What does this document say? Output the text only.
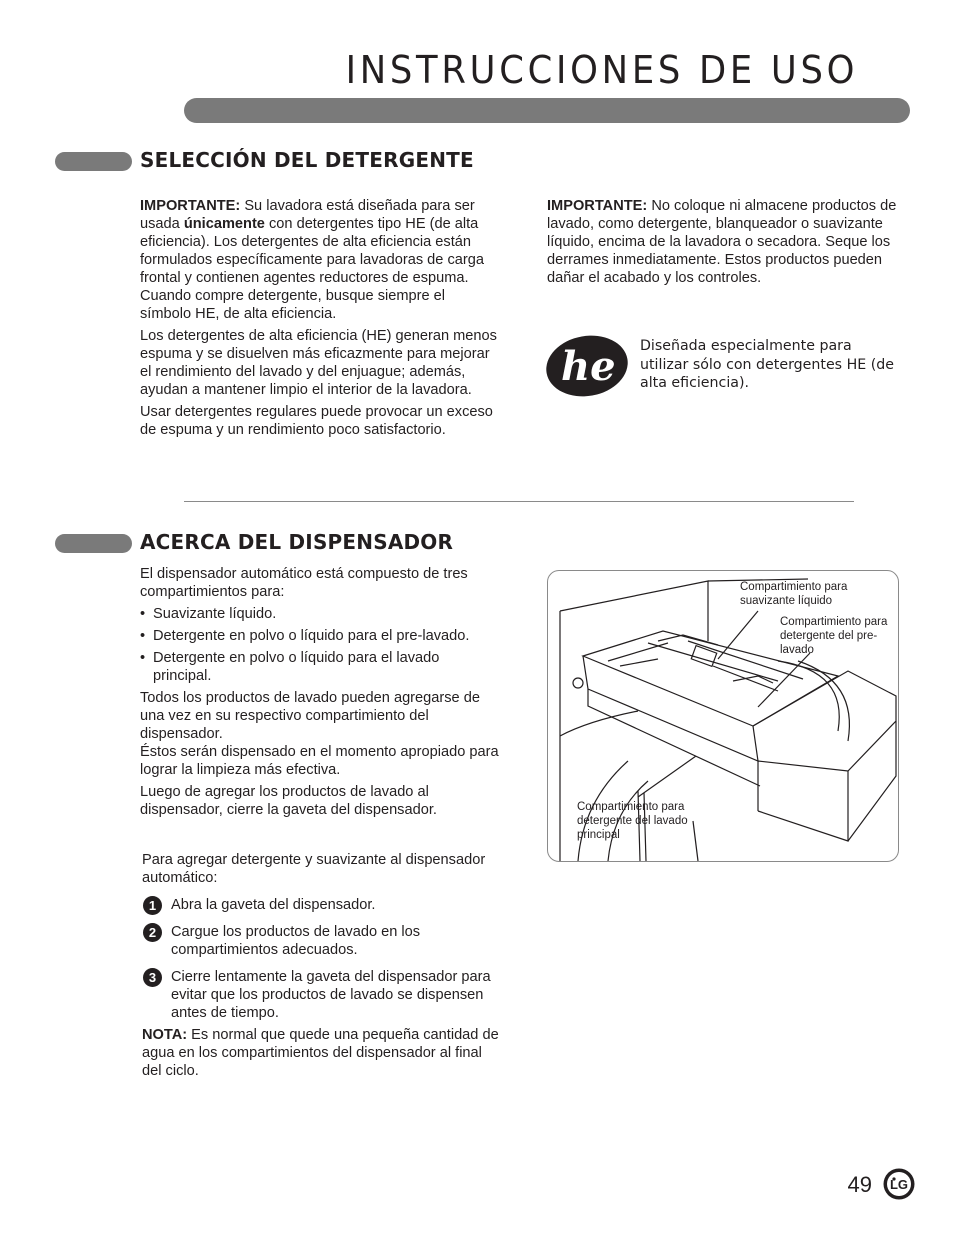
INSTRUCCIONES DE USO
SELECCIÓN DEL DETERGENTE

IMPORTANTE: Su lavadora está diseñada para ser usada únicamente con detergentes tipo HE (de alta eficiencia). Los detergentes de alta eficiencia están formulados específicamente para lavadoras de carga frontal y contienen agentes reductores de espuma. Cuando compre detergente, busque siempre el símbolo HE, de alta eficiencia.

Los detergentes de alta eficiencia (HE) generan menos espuma y se disuelven más eficazmente para mejorar el rendimiento del lavado y del enjuague; además, ayudan a mantener limpio el interior de la lavadora.

Usar detergentes regulares puede provocar un exceso de espuma y un rendimiento poco satisfactorio.

IMPORTANTE: No coloque ni almacene productos de lavado, como detergente, blanqueador o suavizante líquido, encima de la lavadora o secadora. Seque los derrames inmediatamente. Estos productos pueden dañar el acabado y los controles.

he Diseñada especialmente para utilizar sólo con detergentes HE (de alta eficiencia).
ACERCA DEL DISPENSADOR

El dispensador automático está compuesto de tres compartimientos para:

• Suavizante líquido.

• Detergente en polvo o líquido para el pre-lavado.

• Detergente en polvo o líquido para el lavado principal.

Todos los productos de lavado pueden agregarse de una vez en su respectivo compartimiento del dispensador.

Éstos serán dispensado en el momento apropiado para lograr la limpieza más efectiva.

Luego de agregar los productos de lavado al dispensador, cierre la gaveta del dispensador.

Para agregar detergente y suavizante al dispensador automático:

1	Abra la gaveta del dispensador.
2	Cargue los productos de lavado en los compartimientos adecuados.
3	Cierre lentamente la gaveta del dispensador para evitar que los productos de lavado se dispensen antes de tiempo.

NOTA: Es normal que quede una pequeña cantidad de agua en los compartimientos del dispensador al final del ciclo.

Compartimiento para suavizante líquido
Compartimiento para detergente del pre-lavado
Compartimiento para detergente del lavado principal
49 LG
